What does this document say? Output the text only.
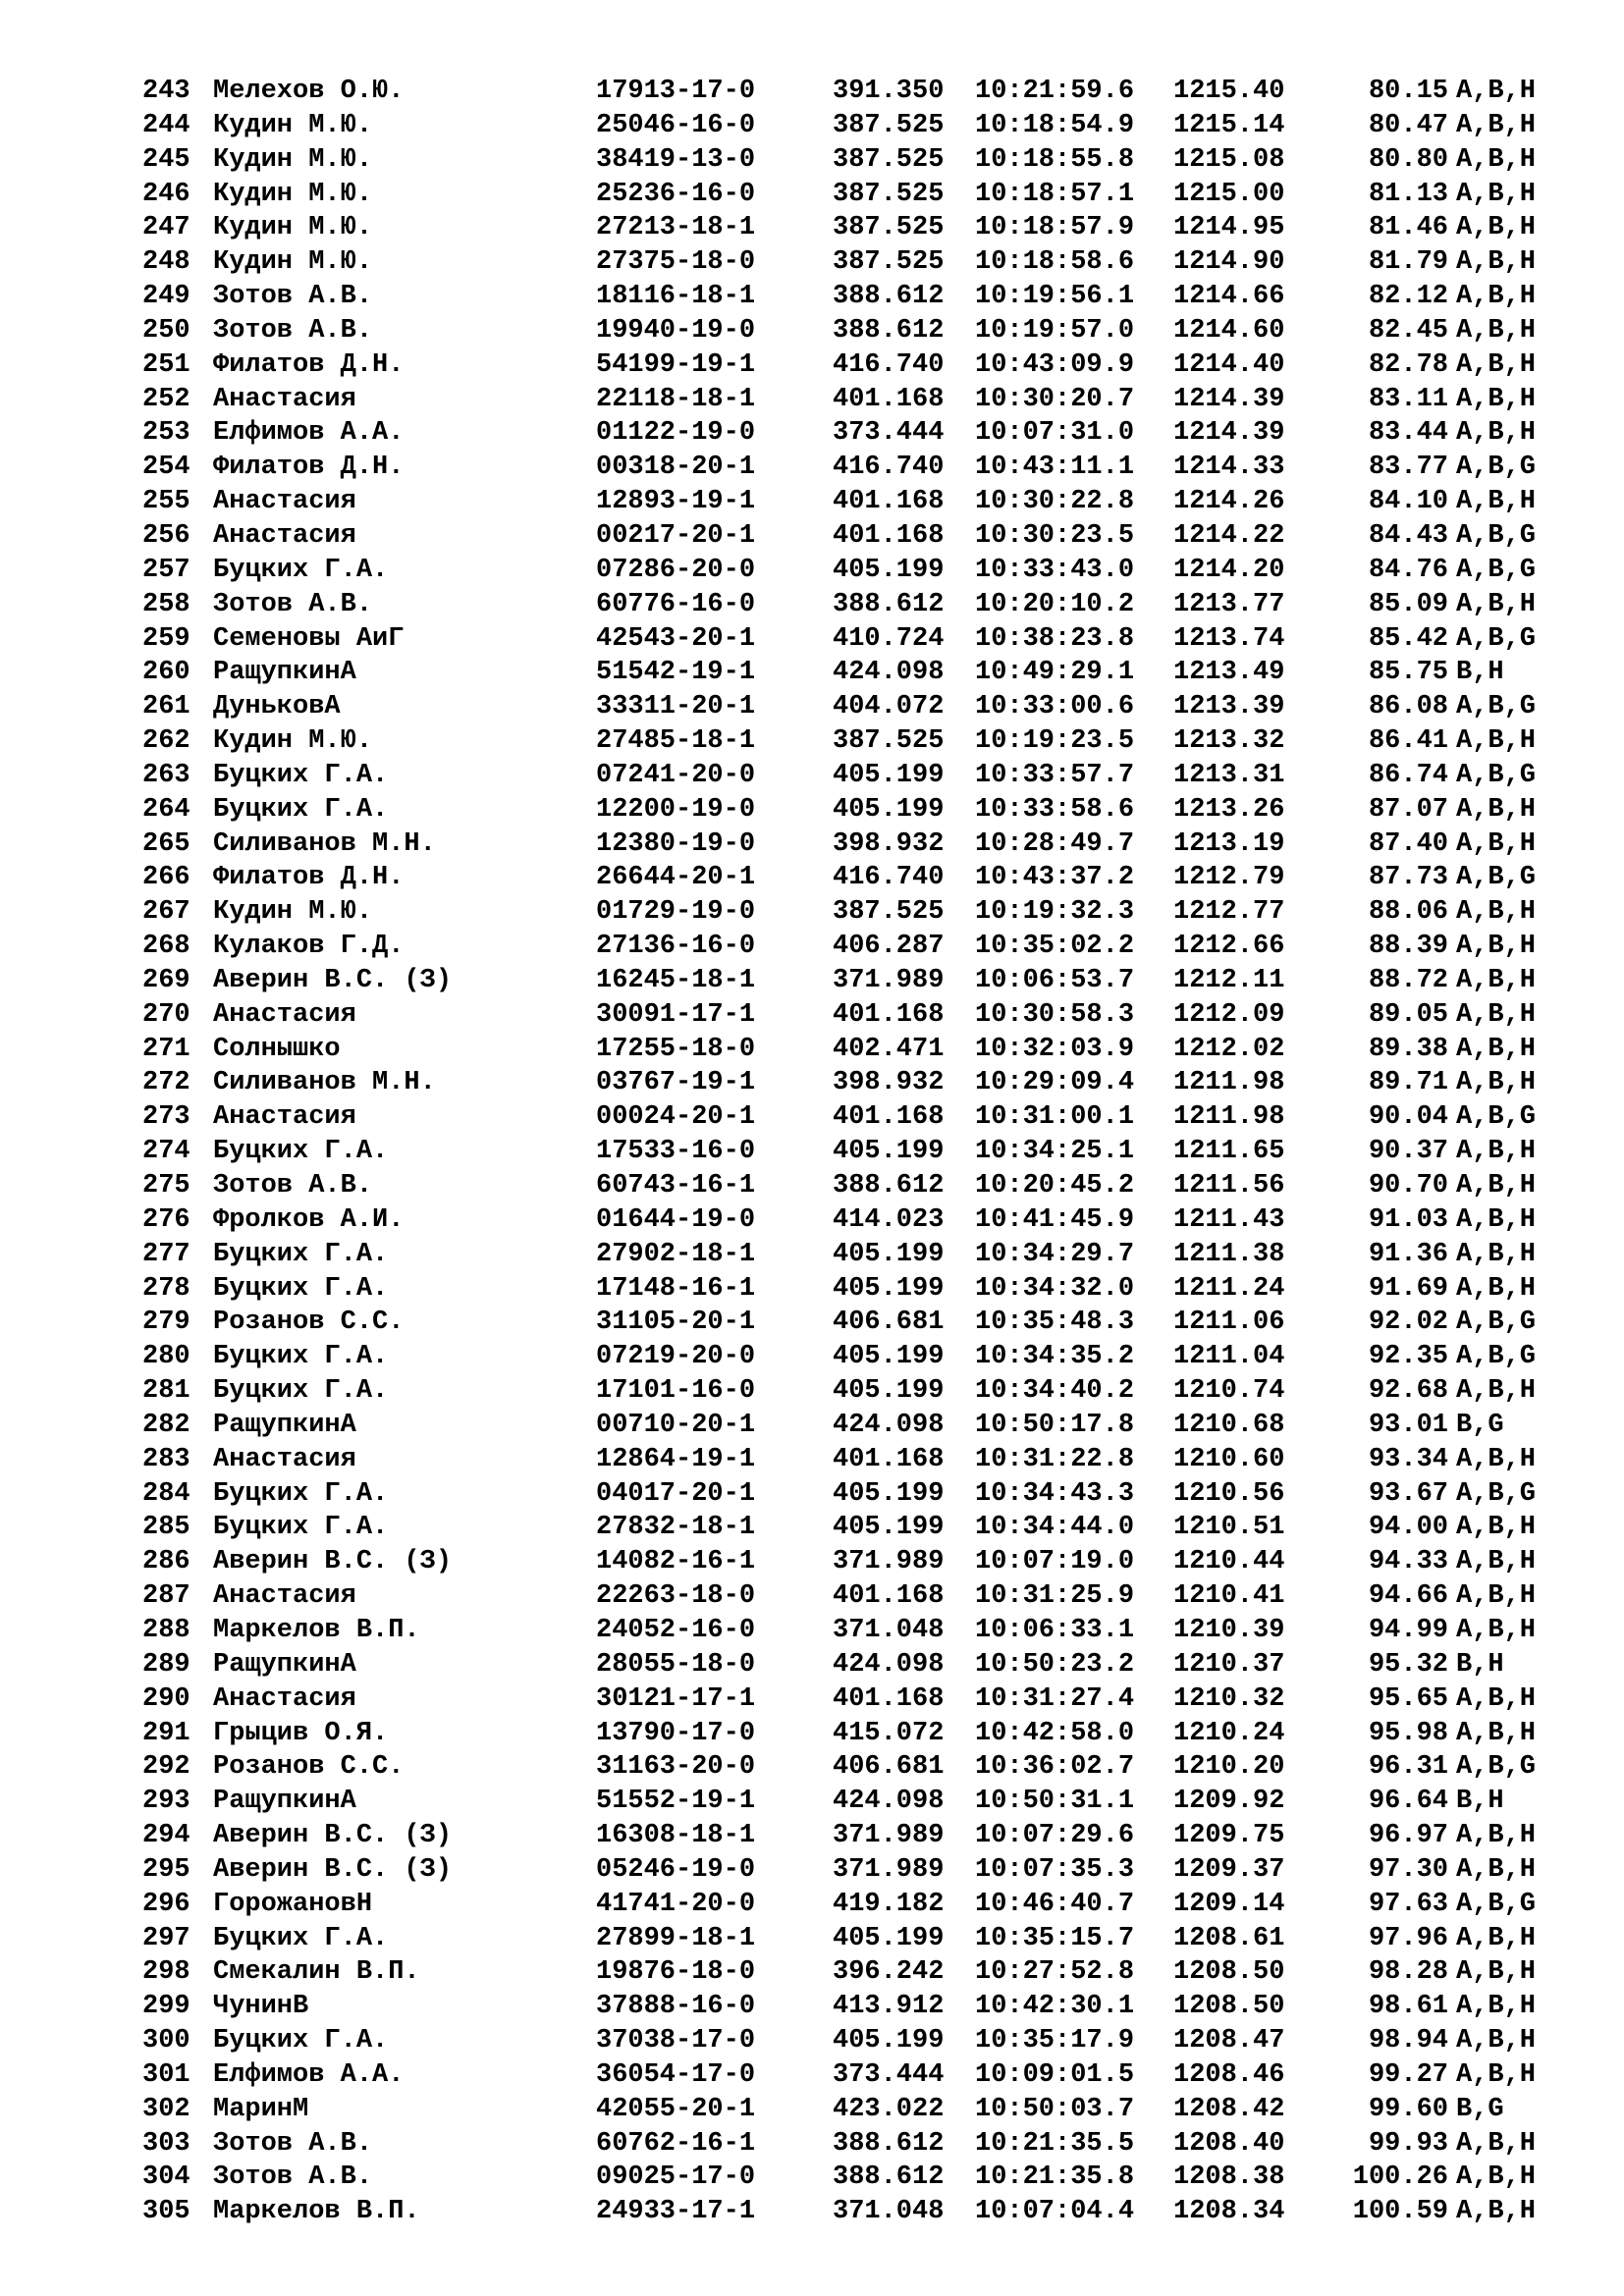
243 Мелехов О.Ю.	17913-17-0	391.350 10:21:59.6 1215.40	80.15 A,B,H
244 Кудин М.Ю.	25046-16-0	387.525 10:18:54.9 1215.14	80.47 A,B,H
245 Кудин М.Ю.	38419-13-0	387.525 10:18:55.8 1215.08	80.80 A,B,H
246 Кудин М.Ю.	25236-16-0	387.525 10:18:57.1 1215.00	81.13 A,B,H
247 Кудин М.Ю.	27213-18-1	387.525 10:18:57.9 1214.95	81.46 A,B,H
248 Кудин М.Ю.	27375-18-0	387.525 10:18:58.6 1214.90	81.79 A,B,H
249 Зотов А.В.	18116-18-1	388.612 10:19:56.1 1214.66	82.12 A,B,H
250 Зотов А.В.	19940-19-0	388.612 10:19:57.0 1214.60	82.45 A,B,H
251 Филатов Д.Н.	54199-19-1	416.740 10:43:09.9 1214.40	82.78 A,B,H
252 Анастасия	22118-18-1	401.168 10:30:20.7 1214.39	83.11 A,B,H
253 Елфимов А.А.	01122-19-0	373.444 10:07:31.0 1214.39	83.44 A,B,H
254 Филатов Д.Н.	00318-20-1	416.740 10:43:11.1 1214.33	83.77 A,B,G
255 Анастасия	12893-19-1	401.168 10:30:22.8 1214.26	84.10 A,B,H
256 Анастасия	00217-20-1	401.168 10:30:23.5 1214.22	84.43 A,B,G
257 Буцких Г.А.	07286-20-0	405.199 10:33:43.0 1214.20	84.76 A,B,G
258 Зотов А.В.	60776-16-0	388.612 10:20:10.2 1213.77	85.09 A,B,H
259 Семеновы АиГ	42543-20-1	410.724 10:38:23.8 1213.74	85.42 A,B,G
260 РащупкинА	51542-19-1	424.098 10:49:29.1 1213.49	85.75 B,H
261 ДуньковА	33311-20-1	404.072 10:33:00.6 1213.39	86.08 A,B,G
262 Кудин М.Ю.	27485-18-1	387.525 10:19:23.5 1213.32	86.41 A,B,H
263 Буцких Г.А.	07241-20-0	405.199 10:33:57.7 1213.31	86.74 A,B,G
264 Буцких Г.А.	12200-19-0	405.199 10:33:58.6 1213.26	87.07 A,B,H
265 Силиванов М.Н.	12380-19-0	398.932 10:28:49.7 1213.19	87.40 A,B,H
266 Филатов Д.Н.	26644-20-1	416.740 10:43:37.2 1212.79	87.73 A,B,G
267 Кудин М.Ю.	01729-19-0	387.525 10:19:32.3 1212.77	88.06 A,B,H
268 Кулаков Г.Д.	27136-16-0	406.287 10:35:02.2 1212.66	88.39 A,B,H
269 Аверин В.С. (З)	16245-18-1	371.989 10:06:53.7 1212.11	88.72 A,B,H
270 Анастасия	30091-17-1	401.168 10:30:58.3 1212.09	89.05 A,B,H
271 Солнышко	17255-18-0	402.471 10:32:03.9 1212.02	89.38 A,B,H
272 Силиванов М.Н.	03767-19-1	398.932 10:29:09.4 1211.98	89.71 A,B,H
273 Анастасия	00024-20-1	401.168 10:31:00.1 1211.98	90.04 A,B,G
274 Буцких Г.А.	17533-16-0	405.199 10:34:25.1 1211.65	90.37 A,B,H
275 Зотов А.В.	60743-16-1	388.612 10:20:45.2 1211.56	90.70 A,B,H
276 Фролков А.И.	01644-19-0	414.023 10:41:45.9 1211.43	91.03 A,B,H
277 Буцких Г.А.	27902-18-1	405.199 10:34:29.7 1211.38	91.36 A,B,H
278 Буцких Г.А.	17148-16-1	405.199 10:34:32.0 1211.24	91.69 A,B,H
279 Розанов С.С.	31105-20-1	406.681 10:35:48.3 1211.06	92.02 A,B,G
280 Буцких Г.А.	07219-20-0	405.199 10:34:35.2 1211.04	92.35 A,B,G
281 Буцких Г.А.	17101-16-0	405.199 10:34:40.2 1210.74	92.68 A,B,H
282 РащупкинА	00710-20-1	424.098 10:50:17.8 1210.68	93.01 B,G
283 Анастасия	12864-19-1	401.168 10:31:22.8 1210.60	93.34 A,B,H
284 Буцких Г.А.	04017-20-1	405.199 10:34:43.3 1210.56	93.67 A,B,G
285 Буцких Г.А.	27832-18-1	405.199 10:34:44.0 1210.51	94.00 A,B,H
286 Аверин В.С. (З)	14082-16-1	371.989 10:07:19.0 1210.44	94.33 A,B,H
287 Анастасия	22263-18-0	401.168 10:31:25.9 1210.41	94.66 A,B,H
288 Маркелов В.П.	24052-16-0	371.048 10:06:33.1 1210.39	94.99 A,B,H
289 РащупкинА	28055-18-0	424.098 10:50:23.2 1210.37	95.32 B,H
290 Анастасия	30121-17-1	401.168 10:31:27.4 1210.32	95.65 A,B,H
291 Грыцив О.Я.	13790-17-0	415.072 10:42:58.0 1210.24	95.98 A,B,H
292 Розанов С.С.	31163-20-0	406.681 10:36:02.7 1210.20	96.31 A,B,G
293 РащупкинА	51552-19-1	424.098 10:50:31.1 1209.92	96.64 B,H
294 Аверин В.С. (З)	16308-18-1	371.989 10:07:29.6 1209.75	96.97 A,B,H
295 Аверин В.С. (З)	05246-19-0	371.989 10:07:35.3 1209.37	97.30 A,B,H
296 ГорожановН	41741-20-0	419.182 10:46:40.7 1209.14	97.63 A,B,G
297 Буцких Г.А.	27899-18-1	405.199 10:35:15.7 1208.61	97.96 A,B,H
298 Смекалин В.П.	19876-18-0	396.242 10:27:52.8 1208.50	98.28 A,B,H
299 ЧунинВ	37888-16-0	413.912 10:42:30.1 1208.50	98.61 A,B,H
300 Буцких Г.А.	37038-17-0	405.199 10:35:17.9 1208.47	98.94 A,B,H
301 Елфимов А.А.	36054-17-0	373.444 10:09:01.5 1208.46	99.27 A,B,H
302 МаринМ	42055-20-1	423.022 10:50:03.7 1208.42	99.60 B,G
303 Зотов А.В.	60762-16-1	388.612 10:21:35.5 1208.40	99.93 A,B,H
304 Зотов А.В.	09025-17-0	388.612 10:21:35.8 1208.38	100.26 A,B,H
305 Маркелов В.П.	24933-17-1	371.048 10:07:04.4 1208.34	100.59 A,B,H
